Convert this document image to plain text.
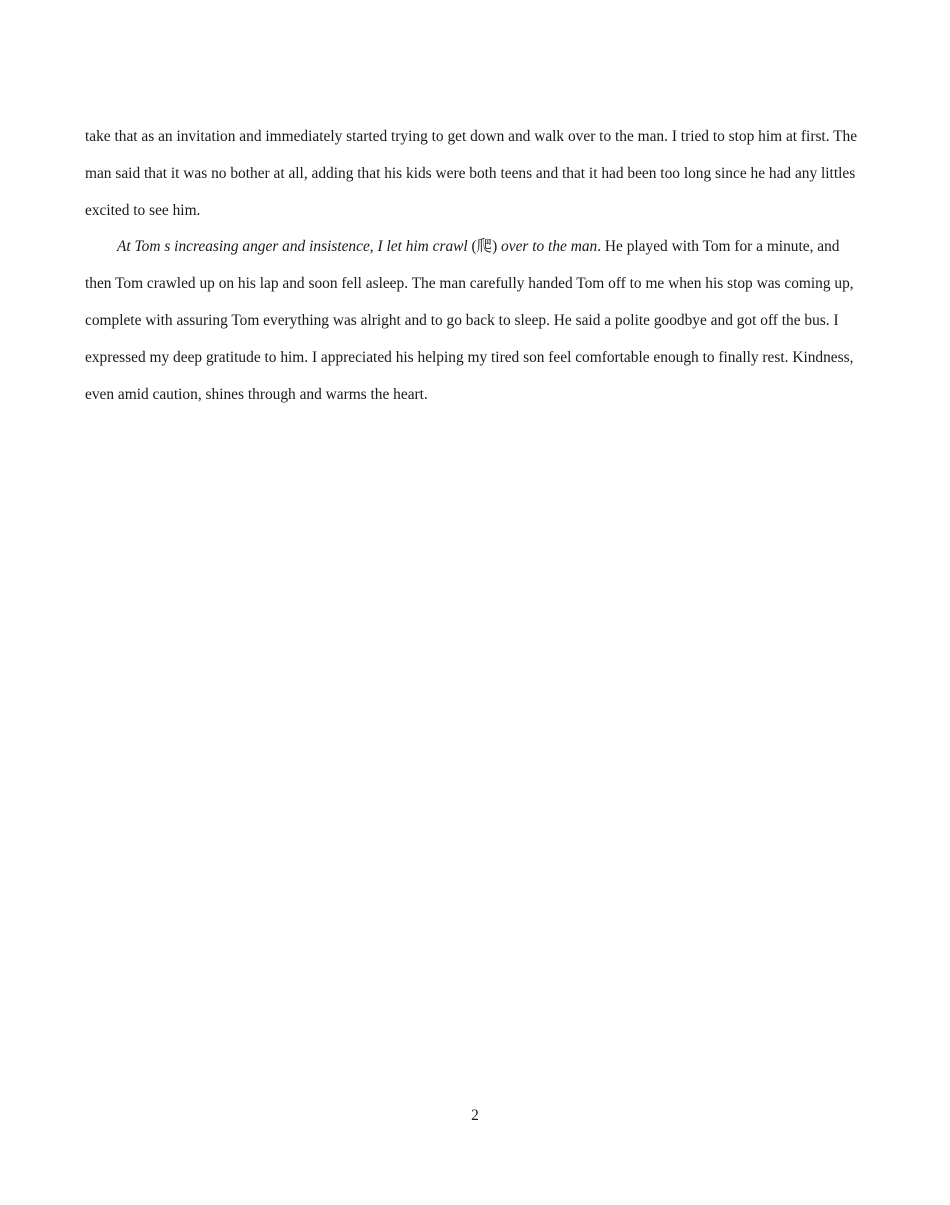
take that as an invitation and immediately started trying to get down and walk over to the man. I tried to stop him at first. The man said that it was no bother at all, adding that his kids were both teens and that it had been too long since he had any littles excited to see him.

At Tom s increasing anger and insistence, I let him crawl (爬) over to the man. He played with Tom for a minute, and then Tom crawled up on his lap and soon fell asleep. The man carefully handed Tom off to me when his stop was coming up, complete with assuring Tom everything was alright and to go back to sleep. He said a polite goodbye and got off the bus. I expressed my deep gratitude to him. I appreciated his helping my tired son feel comfortable enough to finally rest. Kindness, even amid caution, shines through and warms the heart.

2
